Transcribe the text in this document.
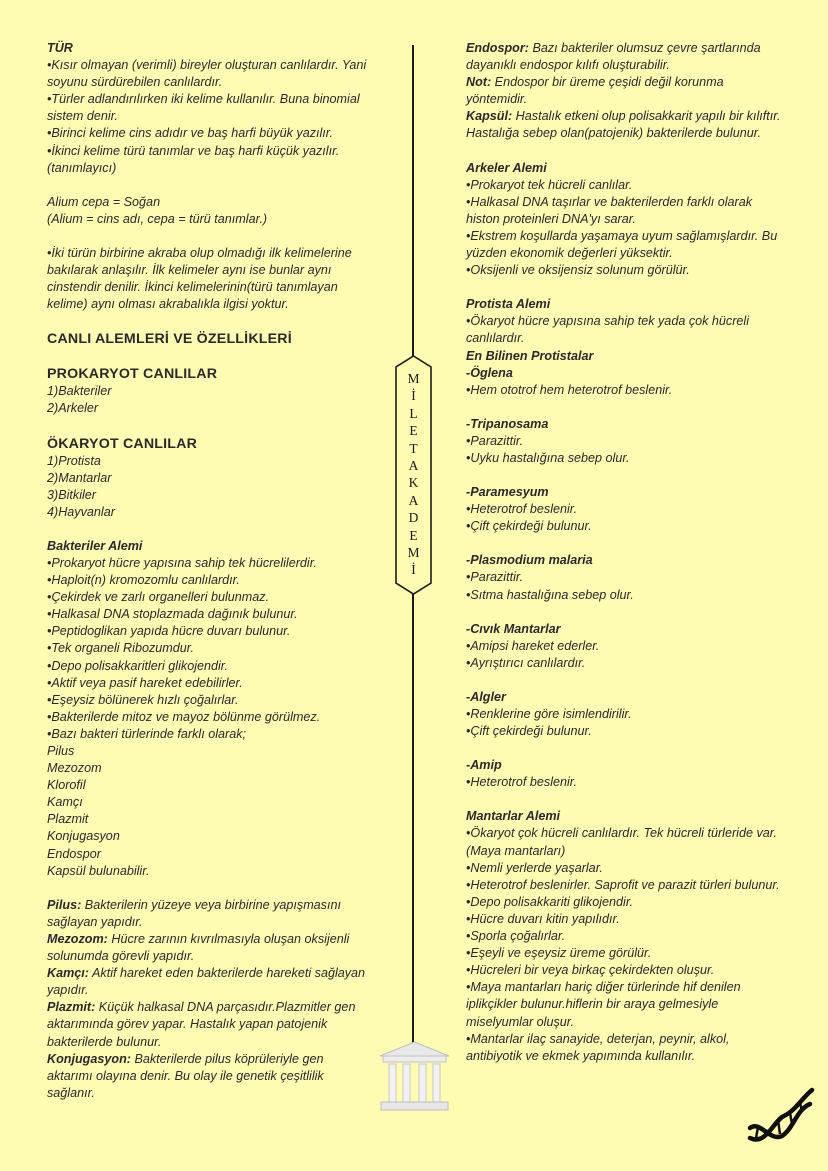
M
İ
L
E
T
A
K
A
D
E
M
İ

TÜR

•Kısır olmayan (verimli) bireyler oluşturan canlılardır. Yani soyunu sürdürebilen canlılardır.

•Türler adlandırılırken iki kelime kullanılır. Buna binomial sistem denir.

•Birinci kelime cins adıdır ve baş harfi büyük yazılır.

•İkinci kelime türü tanımlar ve baş harfi küçük yazılır.(tanımlayıcı)

Alium cepa = Soğan

(Alium = cins adı, cepa = türü tanımlar.)

•İki türün birbirine akraba olup olmadığı ilk kelimelerine bakılarak anlaşılır. İlk kelimeler aynı ise bunlar aynı cinstendir denilir. İkinci kelimelerinin(türü tanımlayan kelime) aynı olması akrabalıkla ilgisi yoktur.

CANLI ALEMLERİ VE ÖZELLİKLERİ

PROKARYOT CANLILAR

1)Bakteriler

2)Arkeler

ÖKARYOT CANLILAR

1)Protista

2)Mantarlar

3)Bitkiler

4)Hayvanlar

Bakteriler Alemi

•Prokaryot hücre yapısına sahip tek hücrelilerdir.

•Haploit(n) kromozomlu canlılardır.

•Çekirdek ve zarlı organelleri bulunmaz.

•Halkasal DNA stoplazmada dağınık bulunur.

•Peptidoglikan yapıda hücre duvarı bulunur.

•Tek organeli Ribozumdur.

•Depo polisakkaritleri glikojendir.

•Aktif veya pasif hareket edebilirler.

•Eşeysiz bölünerek hızlı çoğalırlar.

•Bakterilerde mitoz ve mayoz bölünme görülmez.

•Bazı bakteri türlerinde farklı olarak;

Pilus

Mezozom

Klorofil

Kamçı

Plazmit

Konjugasyon

Endospor

Kapsül bulunabilir.

Pilus: Bakterilerin yüzeye veya birbirine yapışmasını sağlayan yapıdır.

Mezozom: Hücre zarının kıvrılmasıyla oluşan oksijenli solunumda görevli yapıdır.

Kamçı: Aktif hareket eden bakterilerde hareketi sağlayan yapıdır.

Plazmit: Küçük halkasal DNA parçasıdır.Plazmitler gen aktarımında görev yapar. Hastalık yapan patojenik bakterilerde bulunur.

Konjugasyon: Bakterilerde pilus köprüleriyle gen aktarımı olayına denir. Bu olay ile genetik çeşitlilik sağlanır.

Endospor: Bazı bakteriler olumsuz çevre şartlarında dayanıklı endospor kılıfı oluşturabilir.

Not: Endospor bir üreme çeşidi değil korunma yöntemidir.

Kapsül: Hastalık etkeni olup polisakkarit yapılı bir kılıftır. Hastalığa sebep olan(patojenik) bakterilerde bulunur.

Arkeler Alemi

•Prokaryot tek hücreli canlılar.

•Halkasal DNA taşırlar ve bakterilerden farklı olarak histon proteinleri DNA'yı sarar.

•Ekstrem koşullarda yaşamaya uyum sağlamışlardır. Bu yüzden ekonomik değerleri yüksektir.

•Oksijenli ve oksijensiz solunum görülür.

Protista Alemi

•Ökaryot hücre yapısına sahip tek yada çok hücreli canlılardır.

En Bilinen Protistalar

-Öglena

•Hem ototrof hem heterotrof beslenir.

-Tripanosama

•Parazittir.

•Uyku hastalığına sebep olur.

-Paramesyum

•Heterotrof beslenir.

•Çift çekirdeği bulunur.

-Plasmodium malaria

•Parazittir.

•Sıtma hastalığına sebep olur.

-Cıvık Mantarlar

•Amipsi hareket ederler.

•Ayrıştırıcı canlılardır.

-Algler

•Renklerine göre isimlendirilir.

•Çift çekirdeği bulunur.

-Amip

•Heterotrof beslenir.

Mantarlar Alemi

•Ökaryot çok hücreli canlılardır. Tek hücreli türleride var.(Maya mantarları)

•Nemli yerlerde yaşarlar.

•Heterotrof beslenirler. Saprofit ve parazit türleri bulunur.

•Depo polisakkariti glikojendir.

•Hücre duvarı kitin yapılıdır.

•Sporla çoğalırlar.

•Eşeyli ve eşeysiz üreme görülür.

•Hücreleri bir veya birkaç çekirdekten oluşur.

•Maya mantarları hariç diğer türlerinde hif denilen iplikçikler bulunur.hiflerin bir araya gelmesiyle miselyumlar oluşur.

•Mantarlar ilaç sanayide, deterjan, peynir, alkol, antibiyotik ve ekmek yapımında kullanılır.
